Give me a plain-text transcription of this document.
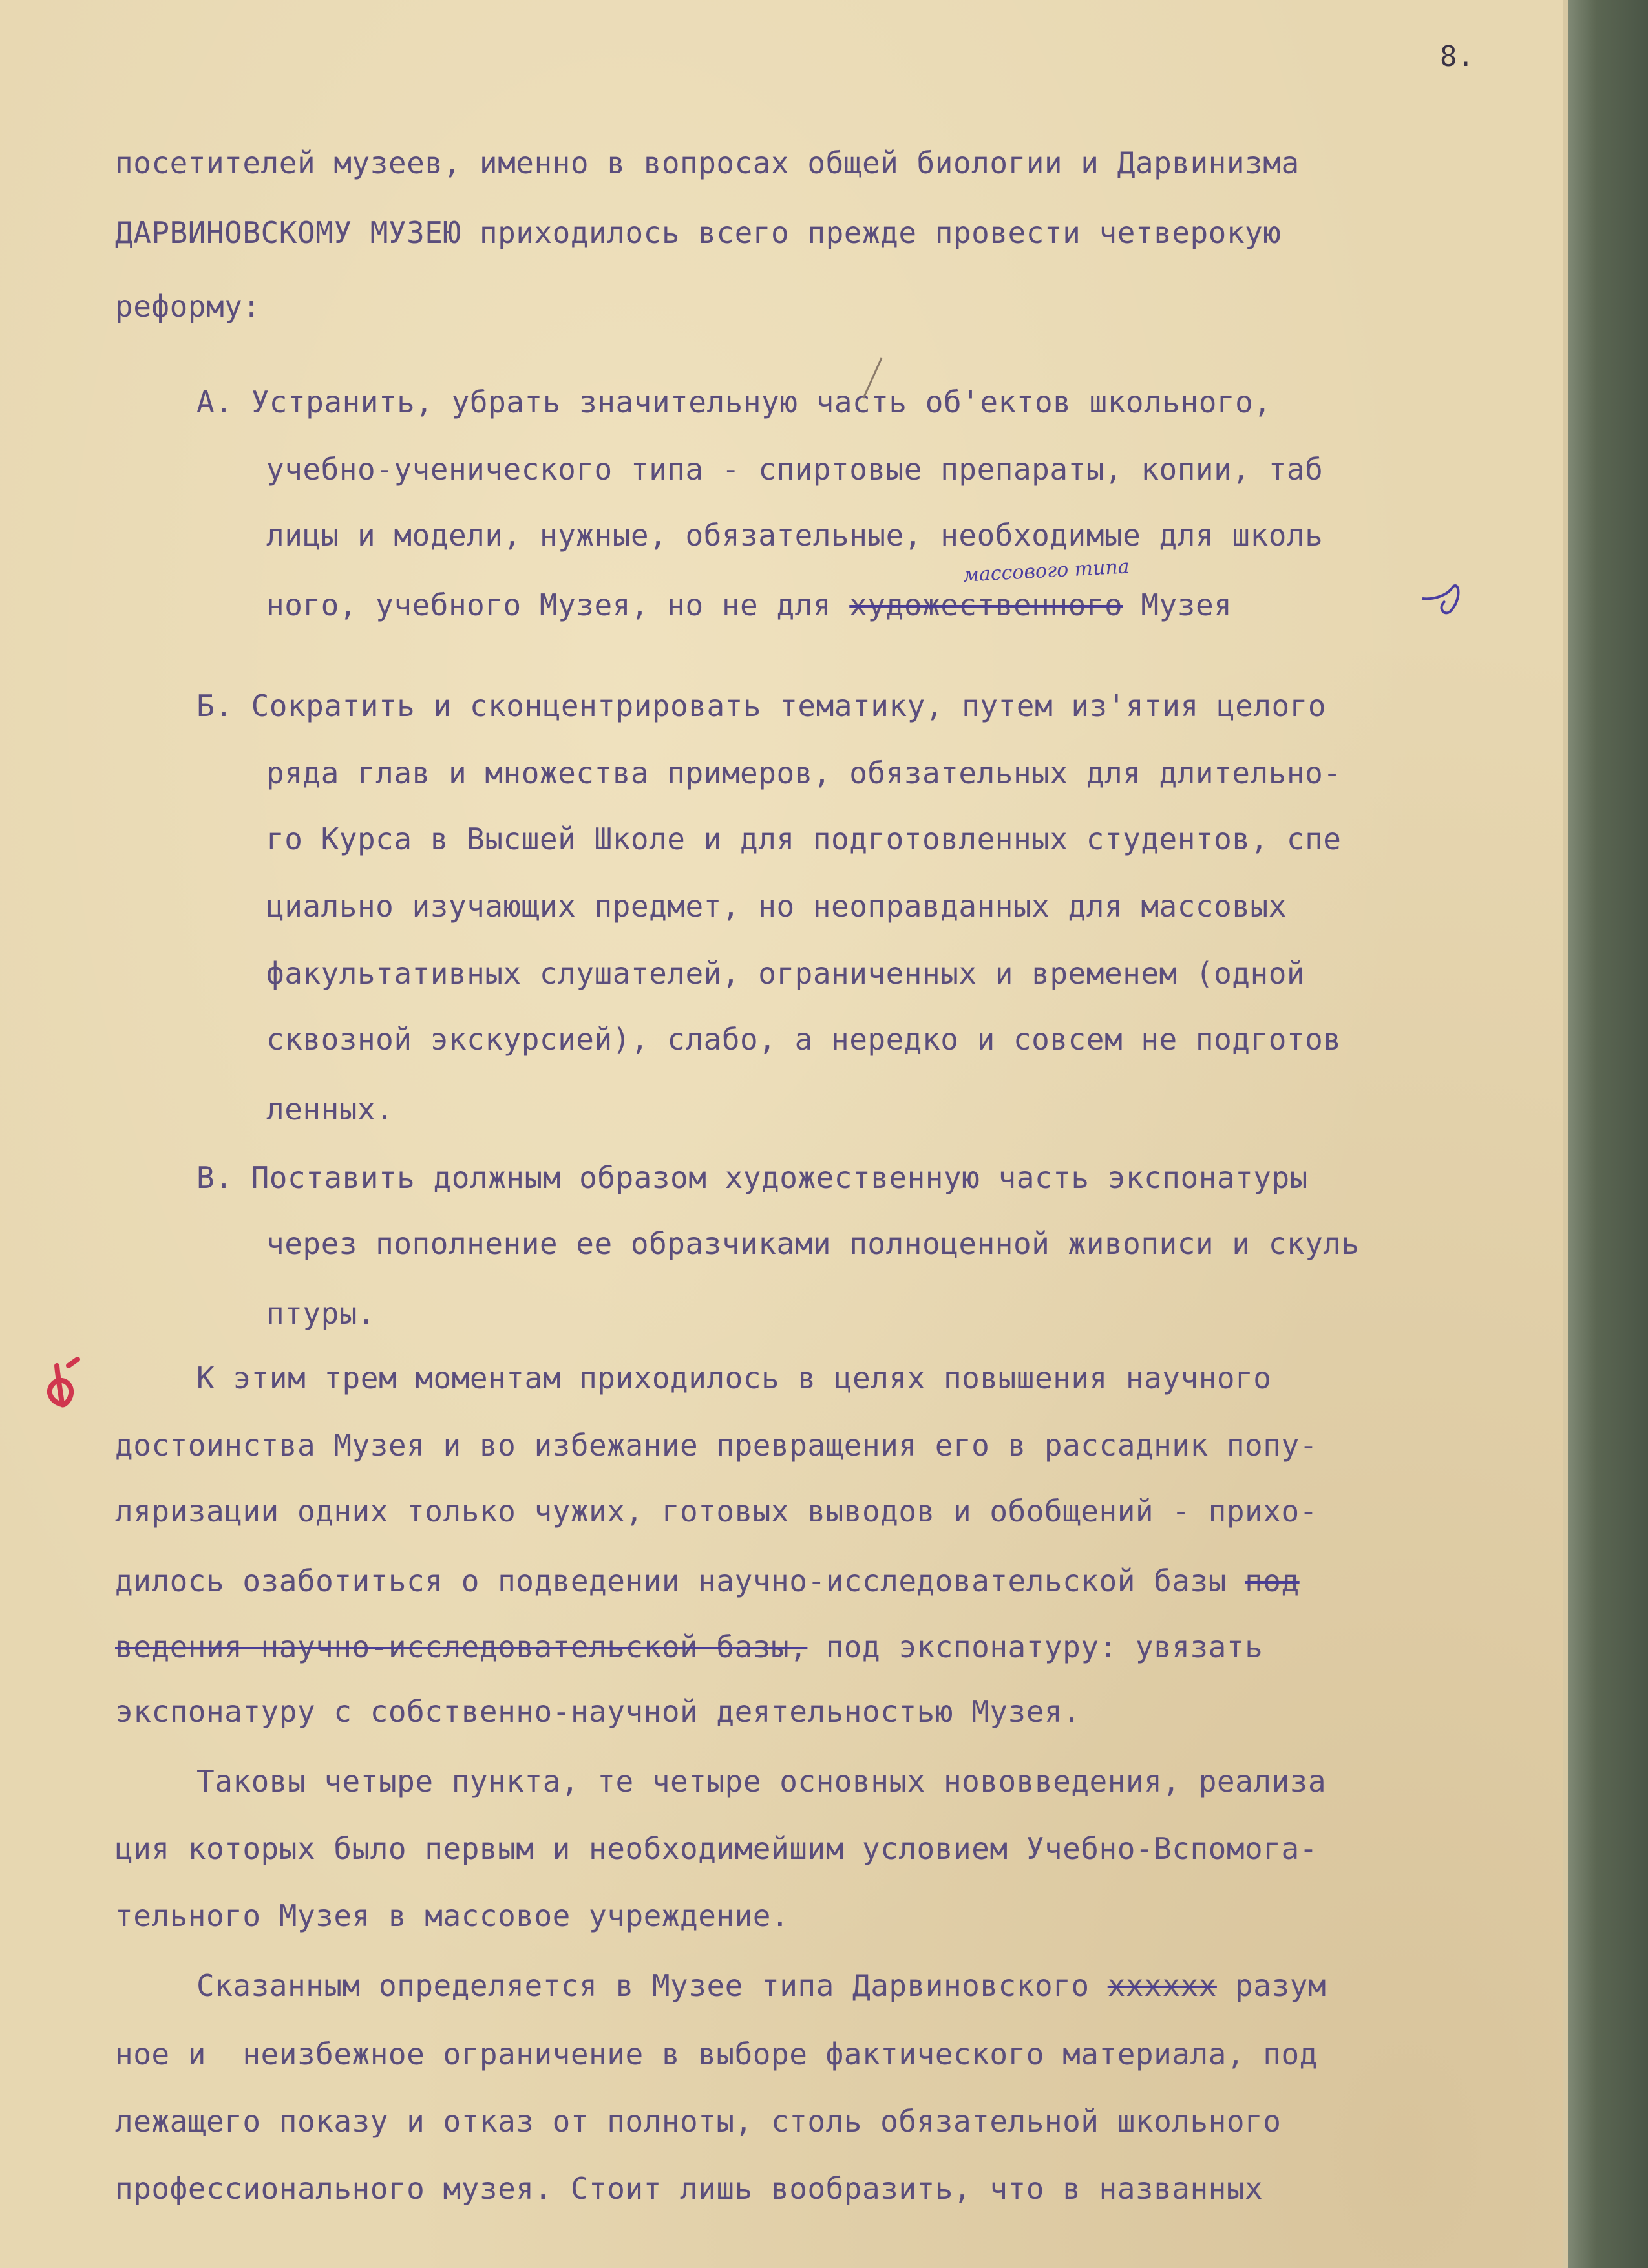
8.
посетителей музеев, именно в вопросах общей биологии и Дарвинизма
ДАРВИНОВСКОМУ МУЗЕЮ приходилось всего прежде провести четверокую
реформу:
А. Устранить, убрать значительную часть об'ектов школьного,
учебно-ученического типа - спиртовые препараты, копии, таб
лицы и модели, нужные, обязательные, необходимые для школь
ного, учебного Музея, но не для художественного Музея
массового типа
Б. Сократить и сконцентрировать тематику, путем из'ятия целого
ряда глав и множества примеров, обязательных для длительно-
го Курса в Высшей Школе и для подготовленных студентов, спе
циально изучающих предмет, но неоправданных для массовых
факультативных слушателей, ограниченных и временем (одной
сквозной экскурсией), слабо, а нередко и совсем не подготов
ленных.
В. Поставить должным образом художественную часть экспонатуры
через пополнение ее образчиками полноценной живописи и скуль
птуры.
К этим трем моментам приходилось в целях повышения научного
достоинства Музея и во избежание превращения его в рассадник попу-
ляризации одних только чужих, готовых выводов и обобщений - прихо-
дилось озаботиться о подведении научно-исследовательской базы под
ведения научно-исследовательской базы, под экспонатуру: увязать
экспонатуру с собственно-научной деятельностью Музея.
Таковы четыре пункта, те четыре основных нововведения, реализа
ция которых было первым и необходимейшим условием Учебно-Вспомога-
тельного Музея в массовое учреждение.
Сказанным определяется в Музее типа Дарвиновского xxxxxx разум
ное и  неизбежное ограничение в выборе фактического материала, под
лежащего показу и отказ от полноты, столь обязательной школьного
профессионального музея. Стоит лишь вообразить, что в названных
